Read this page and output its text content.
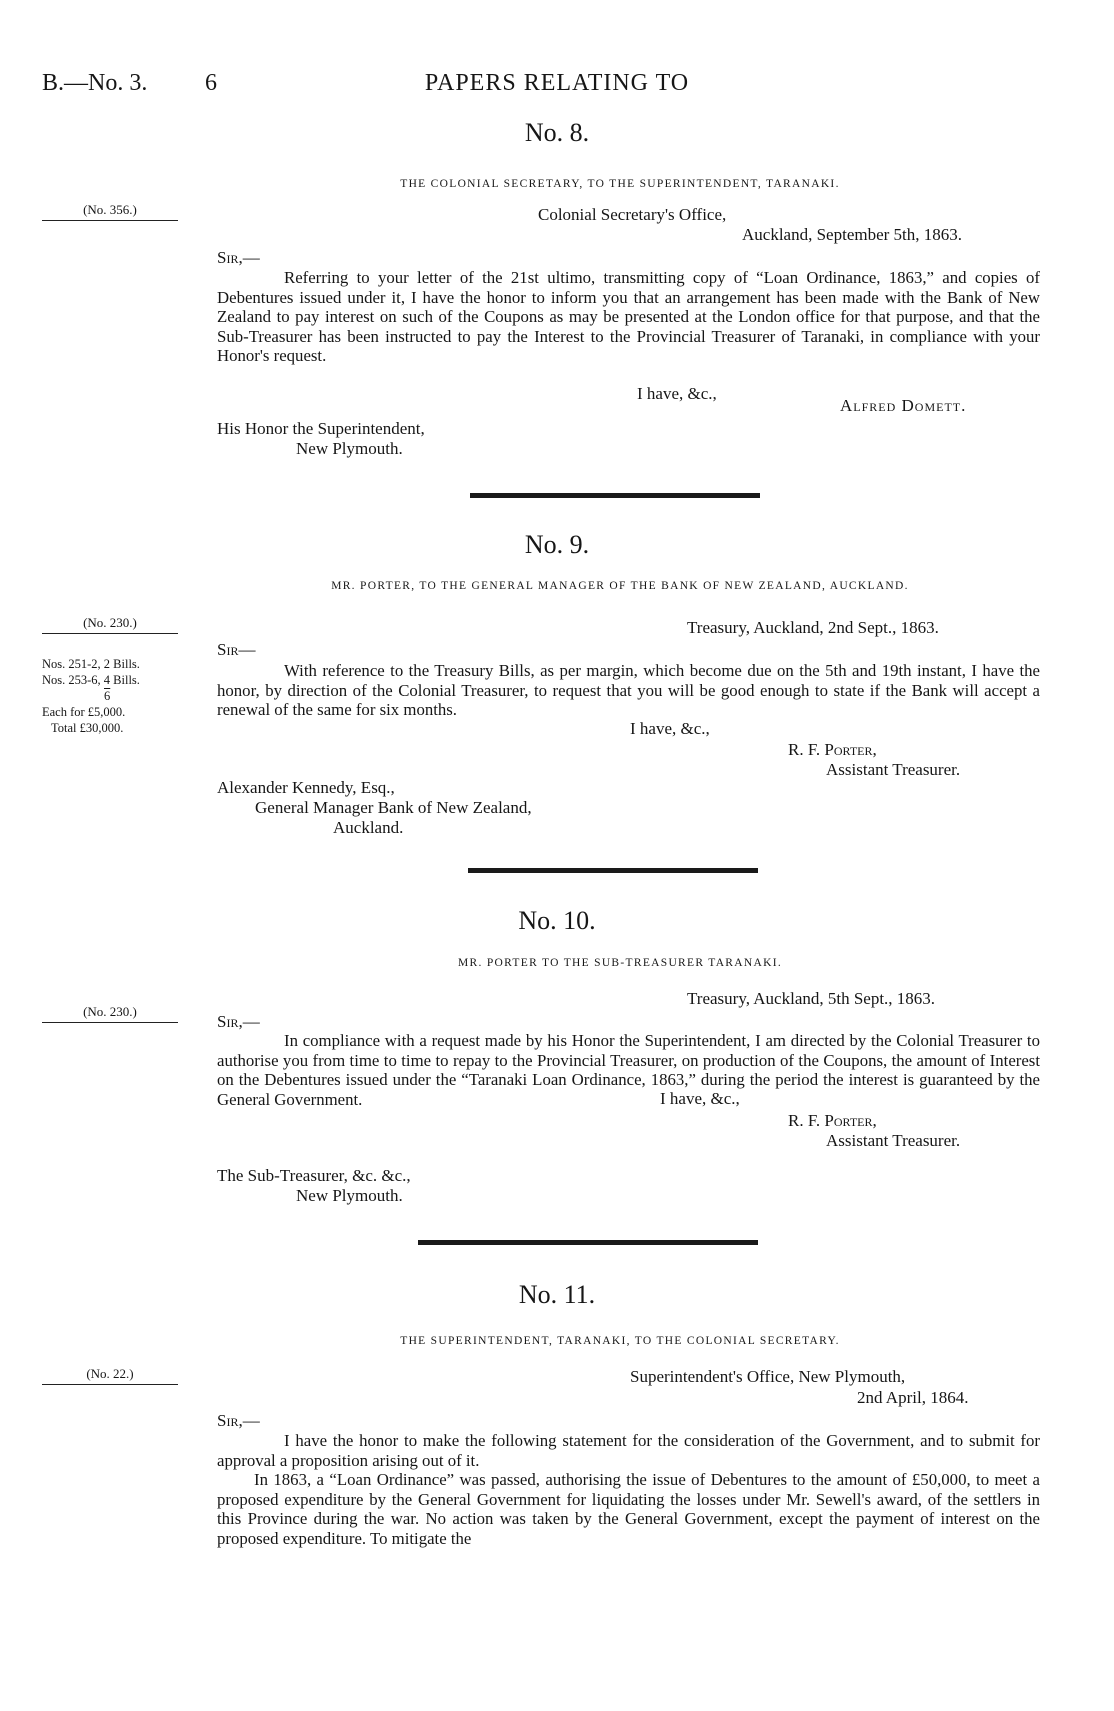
B.—No. 3. 6	PAPERS RELATING TO
No. 8.
THE COLONIAL SECRETARY, TO THE SUPERINTENDENT, TARANAKI.
(No. 356.)	Colonial Secretary's Office,
Auckland, September 5th, 1863.
Sir,—

Referring to your letter of the 21st ultimo, transmitting copy of “Loan Ordinance, 1863,” and copies of Debentures issued under it, I have the honor to inform you that an arrangement has been made with the Bank of New Zealand to pay interest on such of the Coupons as may be presented at the London office for that purpose, and that the Sub-Treasurer has been instructed to pay the Interest to the Provincial Treasurer of Taranaki, in compliance with your Honor's request.

I have, &c.,
Alfred Domett.
His Honor the Superintendent,
New Plymouth.
No. 9.
MR. PORTER, TO THE GENERAL MANAGER OF THE BANK OF NEW ZEALAND, AUCKLAND.
(No. 230.)
Nos. 251-2, 2 Bills.
Nos. 253-6, 4 Bills.
6
Each for £5,000.
Total £30,000.
Treasury, Auckland, 2nd Sept., 1863.
Sir—

With reference to the Treasury Bills, as per margin, which become due on the 5th and 19th instant, I have the honor, by direction of the Colonial Treasurer, to request that you will be good enough to state if the Bank will accept a renewal of the same for six months.

I have, &c.,
R. F. Porter,
Assistant Treasurer.
Alexander Kennedy, Esq.,
General Manager Bank of New Zealand,
Auckland.
No. 10.
MR. PORTER TO THE SUB-TREASURER TARANAKI.
(No. 230.)
Treasury, Auckland, 5th Sept., 1863.
Sir,—

In compliance with a request made by his Honor the Superintendent, I am directed by the Colonial Treasurer to authorise you from time to time to repay to the Provincial Treasurer, on production of the Coupons, the amount of Interest on the Debentures issued under the “Taranaki Loan Ordinance, 1863,” during the period the interest is guaranteed by the General Government.	I have, &c.,
R. F. Porter,
Assistant Treasurer.
The Sub-Treasurer, &c. &c.,
New Plymouth.
No. 11.
THE SUPERINTENDENT, TARANAKI, TO THE COLONIAL SECRETARY.
(No. 22.)	Superintendent's Office, New Plymouth,
2nd April, 1864.
Sir,—

I have the honor to make the following statement for the consideration of the Government, and to submit for approval a proposition arising out of it.

In 1863, a “Loan Ordinance” was passed, authorising the issue of Debentures to the amount of £50,000, to meet a proposed expenditure by the General Government for liquidating the losses under Mr. Sewell's award, of the settlers in this Province during the war. No action was taken by the General Government, except the payment of interest on the proposed expenditure. To mitigate the
